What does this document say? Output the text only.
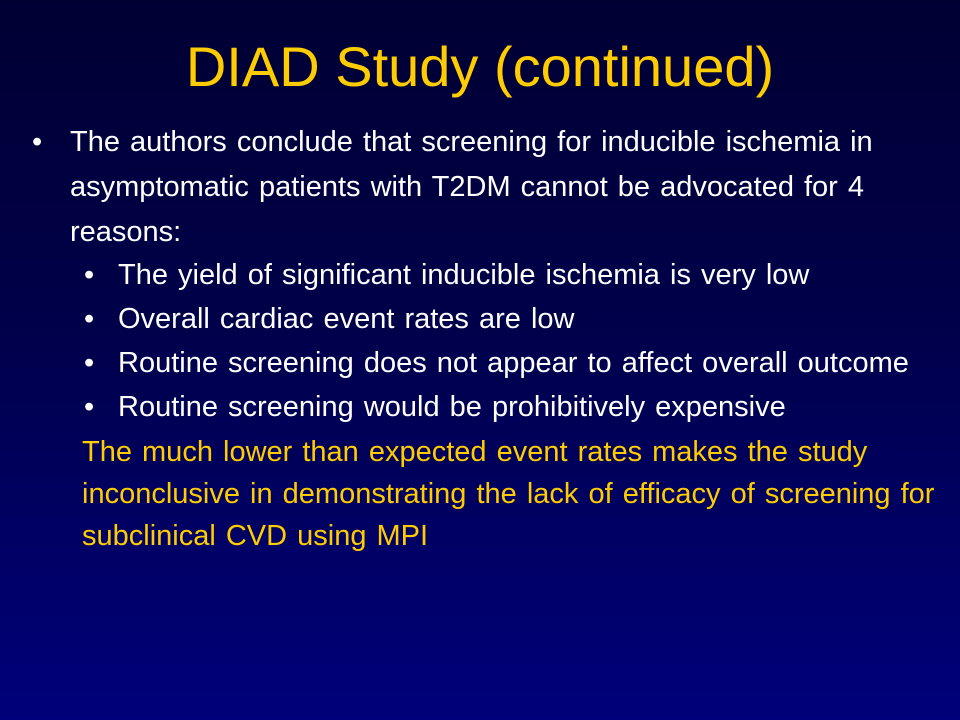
DIAD Study (continued)
• The authors conclude that screening for inducible ischemia in asymptomatic patients with T2DM cannot be advocated for 4 reasons:
• The yield of significant inducible ischemia is very low
• Overall cardiac event rates are low
• Routine screening does not appear to affect overall outcome
• Routine screening would be prohibitively expensive

The much lower than expected event rates makes the study inconclusive in demonstrating the lack of efficacy of screening for subclinical CVD using MPI
